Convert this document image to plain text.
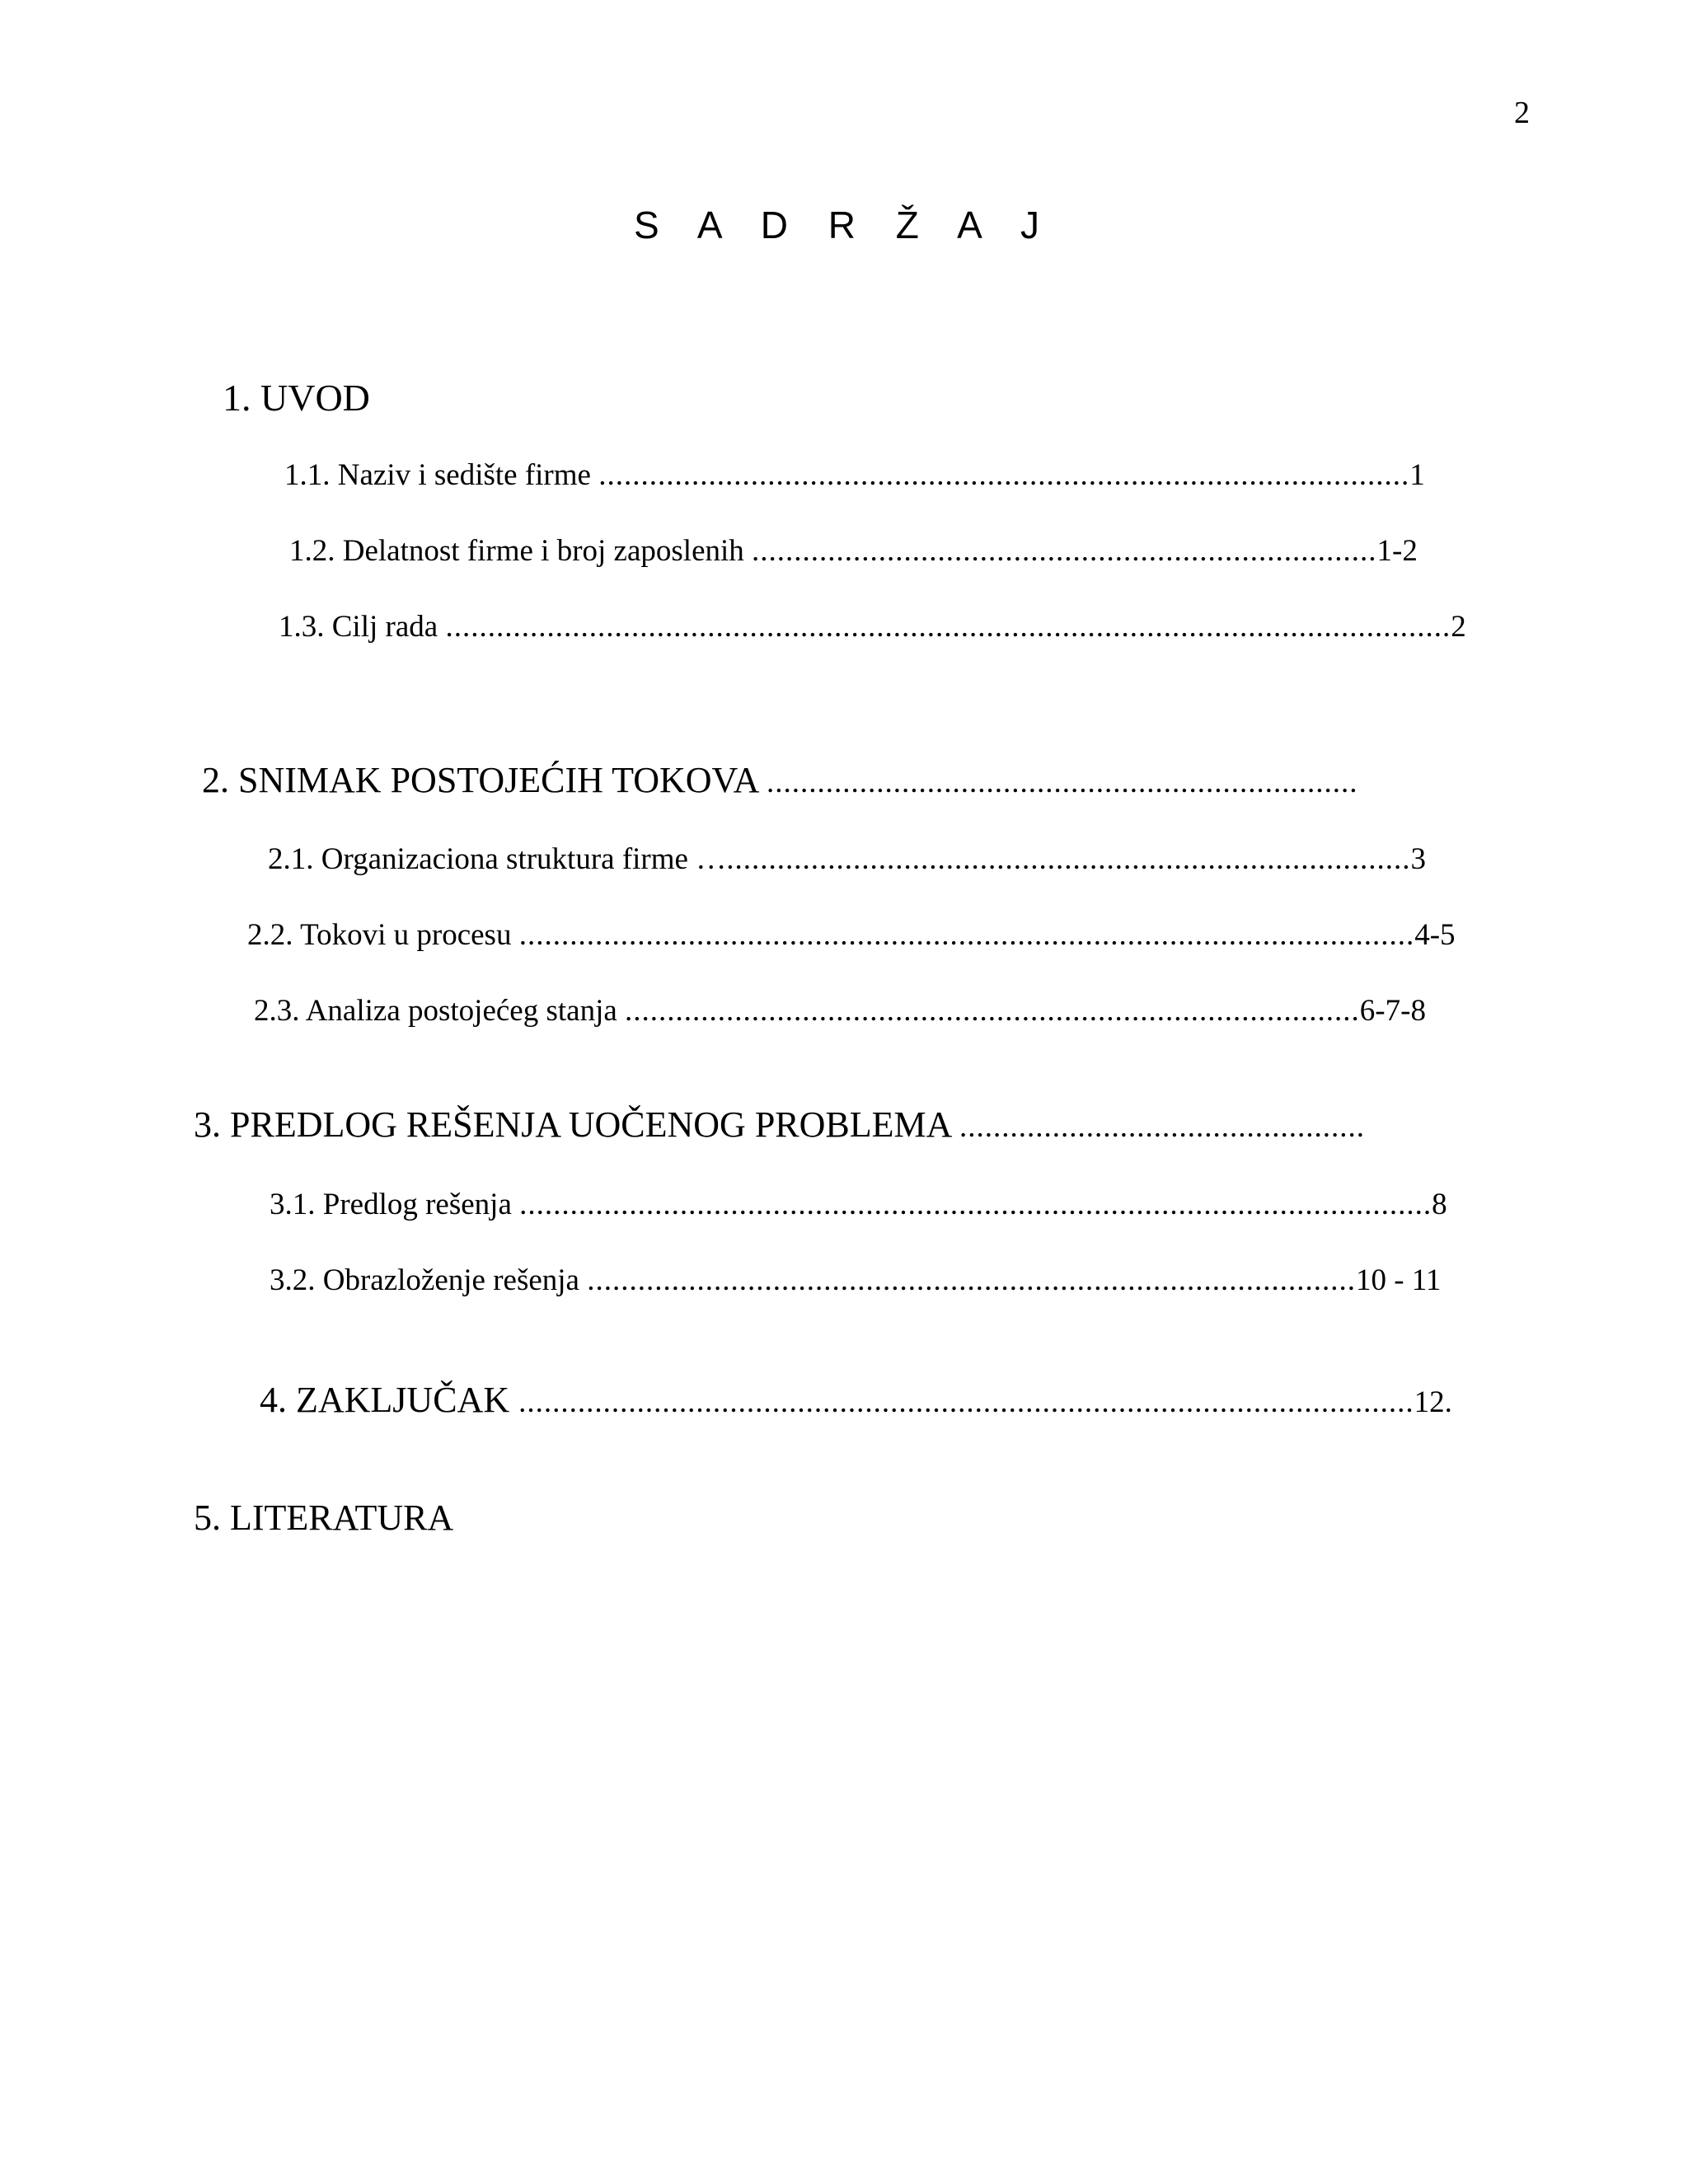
2
S A D R Ž A J
1. UVOD
1.1. Naziv i sedište firme ................................................................................................1
1.2. Delatnost firme i broj zaposlenih ..........................................................................1-2
1.3. Cilj rada .......................................................................................................................2
2. SNIMAK POSTOJEĆIH TOKOVA ......................................................................
2.1. Organizaciona struktura firme ….................................................................................3
2.2. Tokovi u procesu ..........................................................................................................4-5
2.3. Analiza postojećeg stanja .......................................................................................6-7-8
3. PREDLOG REŠENJA UOČENOG PROBLEMA ................................................
3.1. Predlog rešenja ............................................................................................................8
3.2. Obrazloženje rešenja ...........................................................................................10 - 11
4. ZAKLJUČAK ..........................................................................................................12.
5. LITERATURA
